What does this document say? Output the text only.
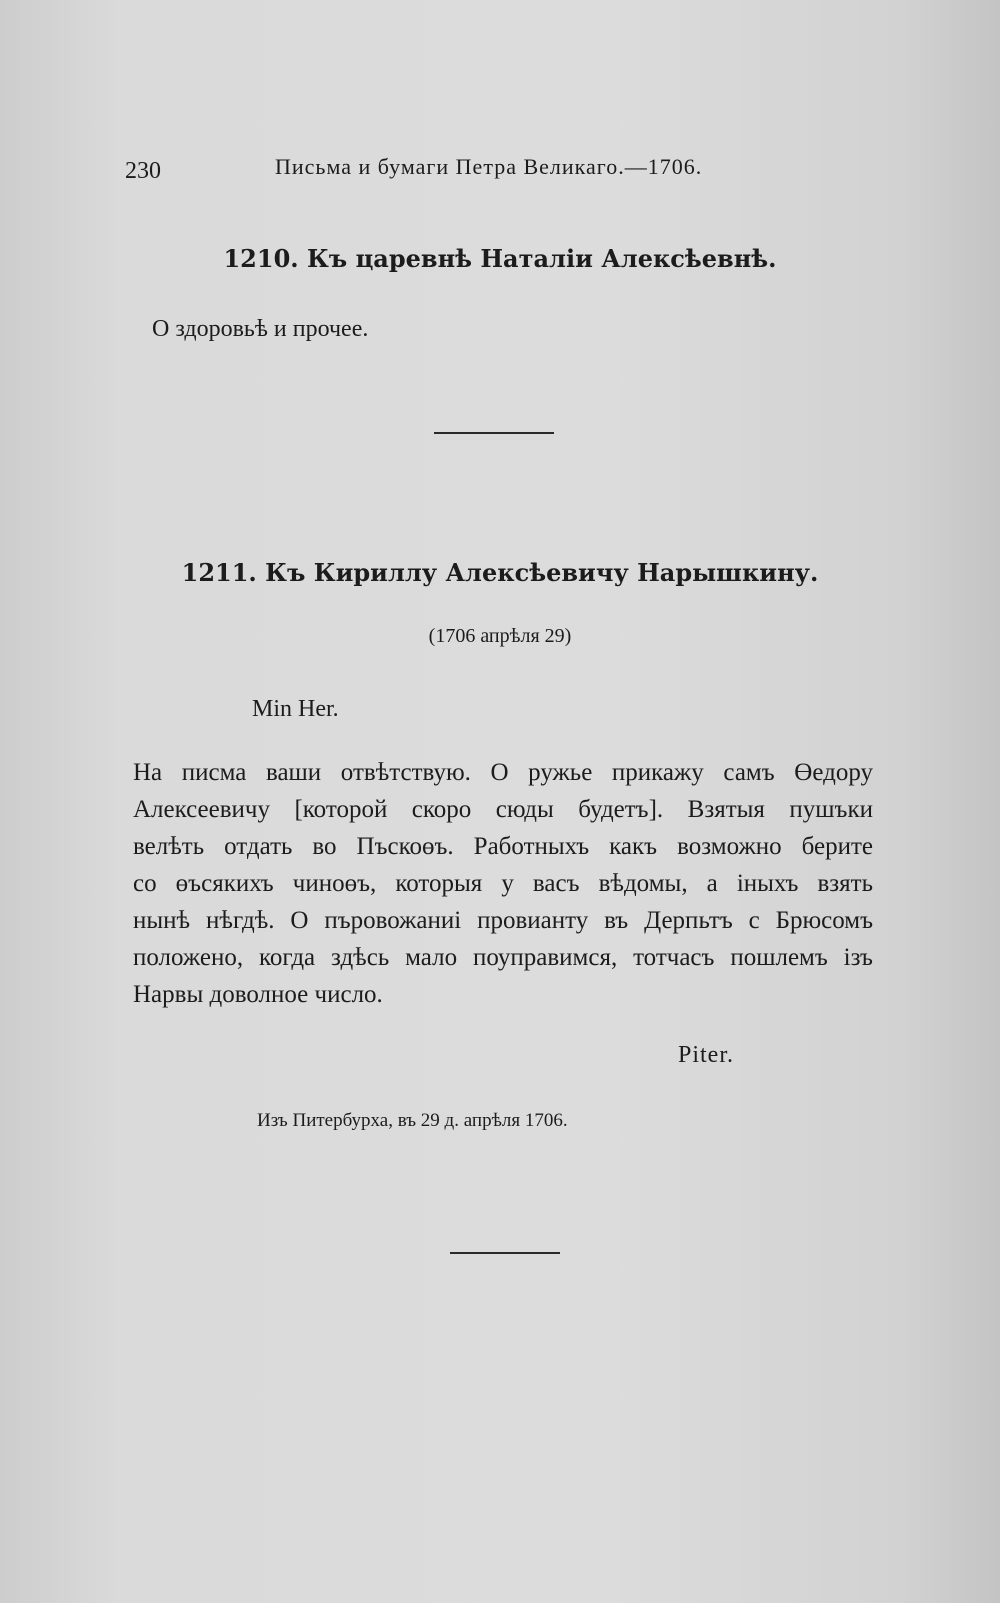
230	Письма и бумаги Петра Великаго.—1706.
1210. Къ царевнѣ Наталіи Алексѣевнѣ.
О здоровьѣ и прочее.
1211. Къ Кириллу Алексѣевичу Нарышкину.
(1706 апрѣля 29)
Min Her.
На писма ваши отвѣтствую. О ружье прикажу самъ Өедору
Алексеевичу [которой скоро сюды будетъ]. Взятыя пушъки
велѣть отдать во Пъскоөъ. Работныхъ какъ возможно берите
со өъсякихъ чиноөъ, которыя у васъ вѣдомы, а іныхъ взять
нынѣ нѣгдѣ. О пъровожаниі провианту въ Дерпьтъ с Брюсомъ
положено, когда здѣсь мало поуправимся, тотчасъ пошлемъ ізъ
Нарвы доволное число.
Piter.
Изъ Питербурха, въ 29 д. апрѣля 1706.
